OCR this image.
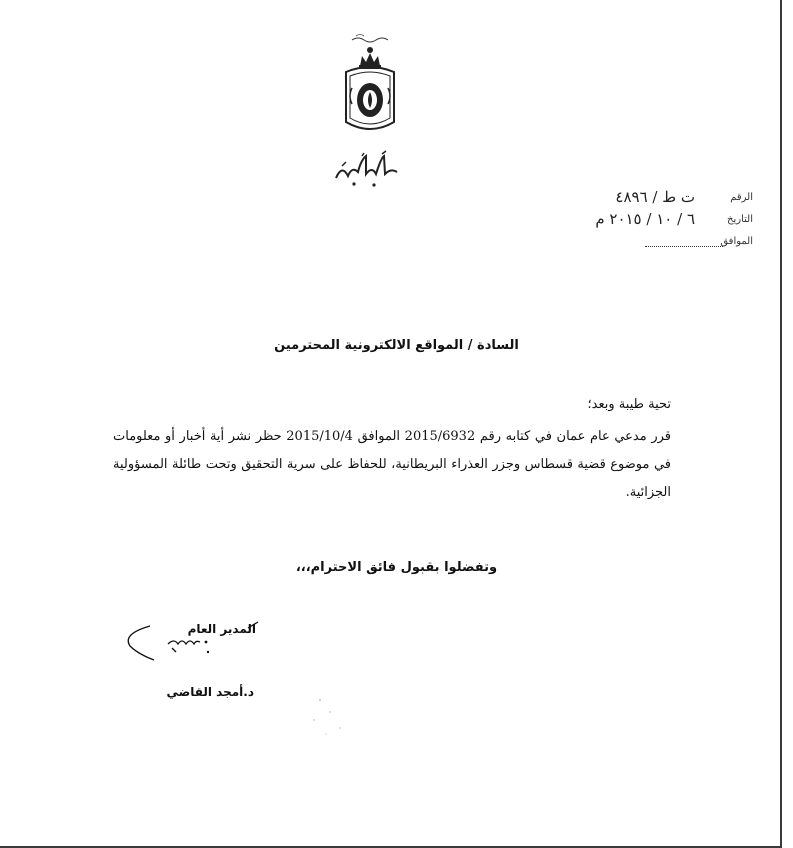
الرقم
ت ط / ٤٨٩٦
التاريخ
٦ / ١٠ / ٢٠١٥ م
الموافق
السادة / المواقع الالكترونية المحترمين

تحية طيبة وبعد؛

قرر مدعي عام عمان في كتابه رقم 2015/6932 الموافق 2015/10/4 حظر نشر أية أخبار أو معلومات في موضوع قضية قسطاس وجزر العذراء البريطانية، للحفاظ على سرية التحقيق وتحت طائلة المسؤولية الجزائية.

وتفضلوا بقبول فائق الاحترام،،،
المدير العام
د.أمجد القاضي
